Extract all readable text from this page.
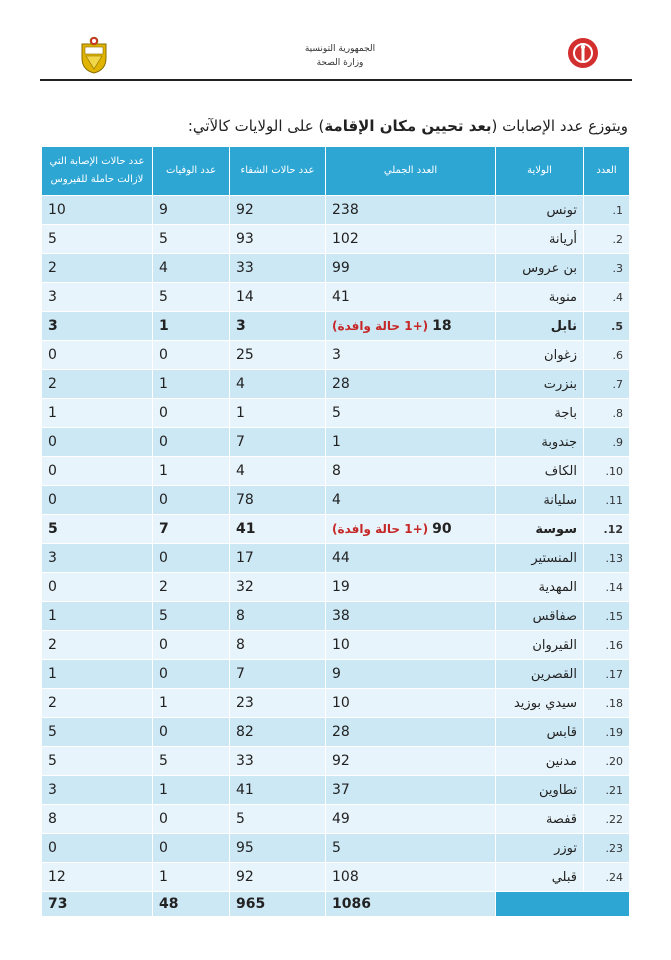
الجمهورية التونسية
وزارة الصحة
ويتوزع عدد الإصابات (بعد تحيين مكان الإقامة) على الولايات كالآتي:
العدد	الولاية	العدد الجملي	عدد حالات الشفاء	عدد الوفيات	عدد حالات الإصابة التي لازالت حاملة للفيروس
1.	تونس	238	92	9	10
2.	أريانة	102	93	5	5
3.	بن عروس	99	33	4	2
4.	منوبة	41	14	5	3
5.	نابل	18(+1 حالة وافدة)	3	1	3
6.	زغوان	3	25	0	0
7.	بنزرت	28	4	1	2
8.	باجة	5	1	0	1
9.	جندوبة	1	7	0	0
10.	الكاف	8	4	1	0
11.	سليانة	4	78	0	0
12.	سوسة	90(+1 حالة وافدة)	41	7	5
13.	المنستير	44	17	0	3
14.	المهدية	19	32	2	0
15.	صفاقس	38	8	5	1
16.	القيروان	10	8	0	2
17.	القصرين	9	7	0	1
18.	سيدي بوزيد	10	23	1	2
19.	قابس	28	82	0	5
20.	مدنين	92	33	5	5
21.	تطاوين	37	41	1	3
22.	قفصة	49	5	0	8
23.	توزر	5	95	0	0
24.	قبلي	108	92	1	12
		1086	965	48	73
